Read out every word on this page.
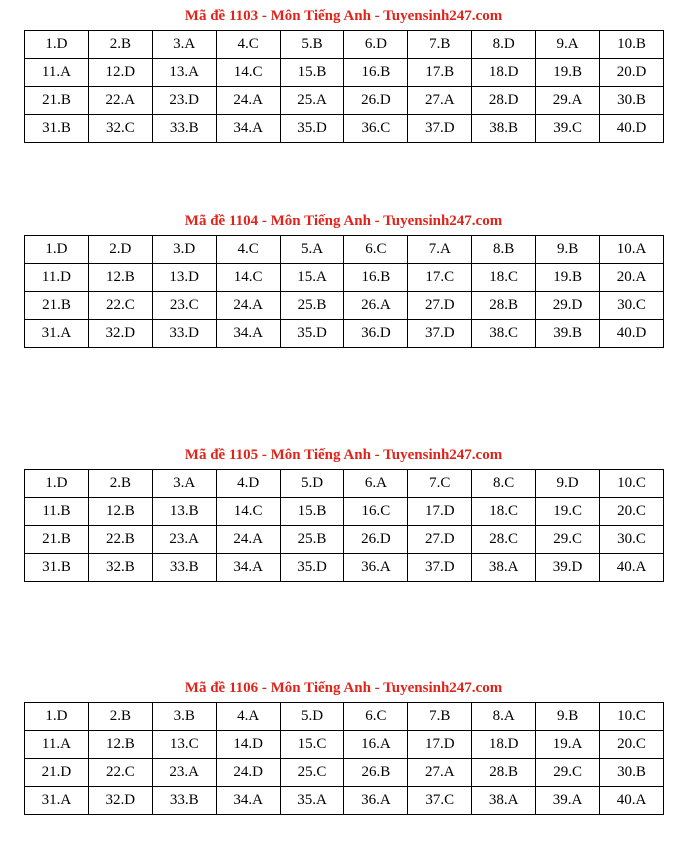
Mã đề 1103 - Môn Tiếng Anh - Tuyensinh247.com
1.D	2.B	3.A	4.C	5.B	6.D	7.B	8.D	9.A	10.B
11.A	12.D	13.A	14.C	15.B	16.B	17.B	18.D	19.B	20.D
21.B	22.A	23.D	24.A	25.A	26.D	27.A	28.D	29.A	30.B
31.B	32.C	33.B	34.A	35.D	36.C	37.D	38.B	39.C	40.D
Mã đề 1104 - Môn Tiếng Anh - Tuyensinh247.com
1.D	2.D	3.D	4.C	5.A	6.C	7.A	8.B	9.B	10.A
11.D	12.B	13.D	14.C	15.A	16.B	17.C	18.C	19.B	20.A
21.B	22.C	23.C	24.A	25.B	26.A	27.D	28.B	29.D	30.C
31.A	32.D	33.D	34.A	35.D	36.D	37.D	38.C	39.B	40.D
Mã đề 1105 - Môn Tiếng Anh - Tuyensinh247.com
1.D	2.B	3.A	4.D	5.D	6.A	7.C	8.C	9.D	10.C
11.B	12.B	13.B	14.C	15.B	16.C	17.D	18.C	19.C	20.C
21.B	22.B	23.A	24.A	25.B	26.D	27.D	28.C	29.C	30.C
31.B	32.B	33.B	34.A	35.D	36.A	37.D	38.A	39.D	40.A
Mã đề 1106 - Môn Tiếng Anh - Tuyensinh247.com
1.D	2.B	3.B	4.A	5.D	6.C	7.B	8.A	9.B	10.C
11.A	12.B	13.C	14.D	15.C	16.A	17.D	18.D	19.A	20.C
21.D	22.C	23.A	24.D	25.C	26.B	27.A	28.B	29.C	30.B
31.A	32.D	33.B	34.A	35.A	36.A	37.C	38.A	39.A	40.A
